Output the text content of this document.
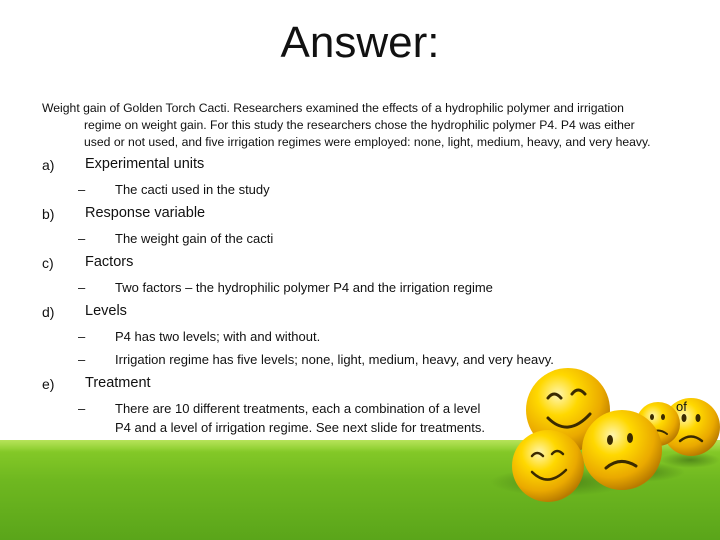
Answer:
Weight gain of Golden Torch Cacti. Researchers examined the effects of a hydrophilic polymer and irrigation
regime on weight gain. For this study the researchers chose the hydrophilic polymer P4. P4 was either
used or not used, and five irrigation regimes were employed: none, light, medium, heavy, and very heavy.
a) Experimental units
– The cacti used in the study
b) Response variable
– The weight gain of the cacti
c) Factors
– Two factors – the hydrophilic polymer P4 and the irrigation regime
d) Levels
– P4 has two levels; with and without.
– Irrigation regime has five levels; none, light, medium, heavy, and very heavy.
e) Treatment
– There are 10 different treatments, each a combination of a level
P4 and a level of irrigation regime. See next slide for treatments.
of
